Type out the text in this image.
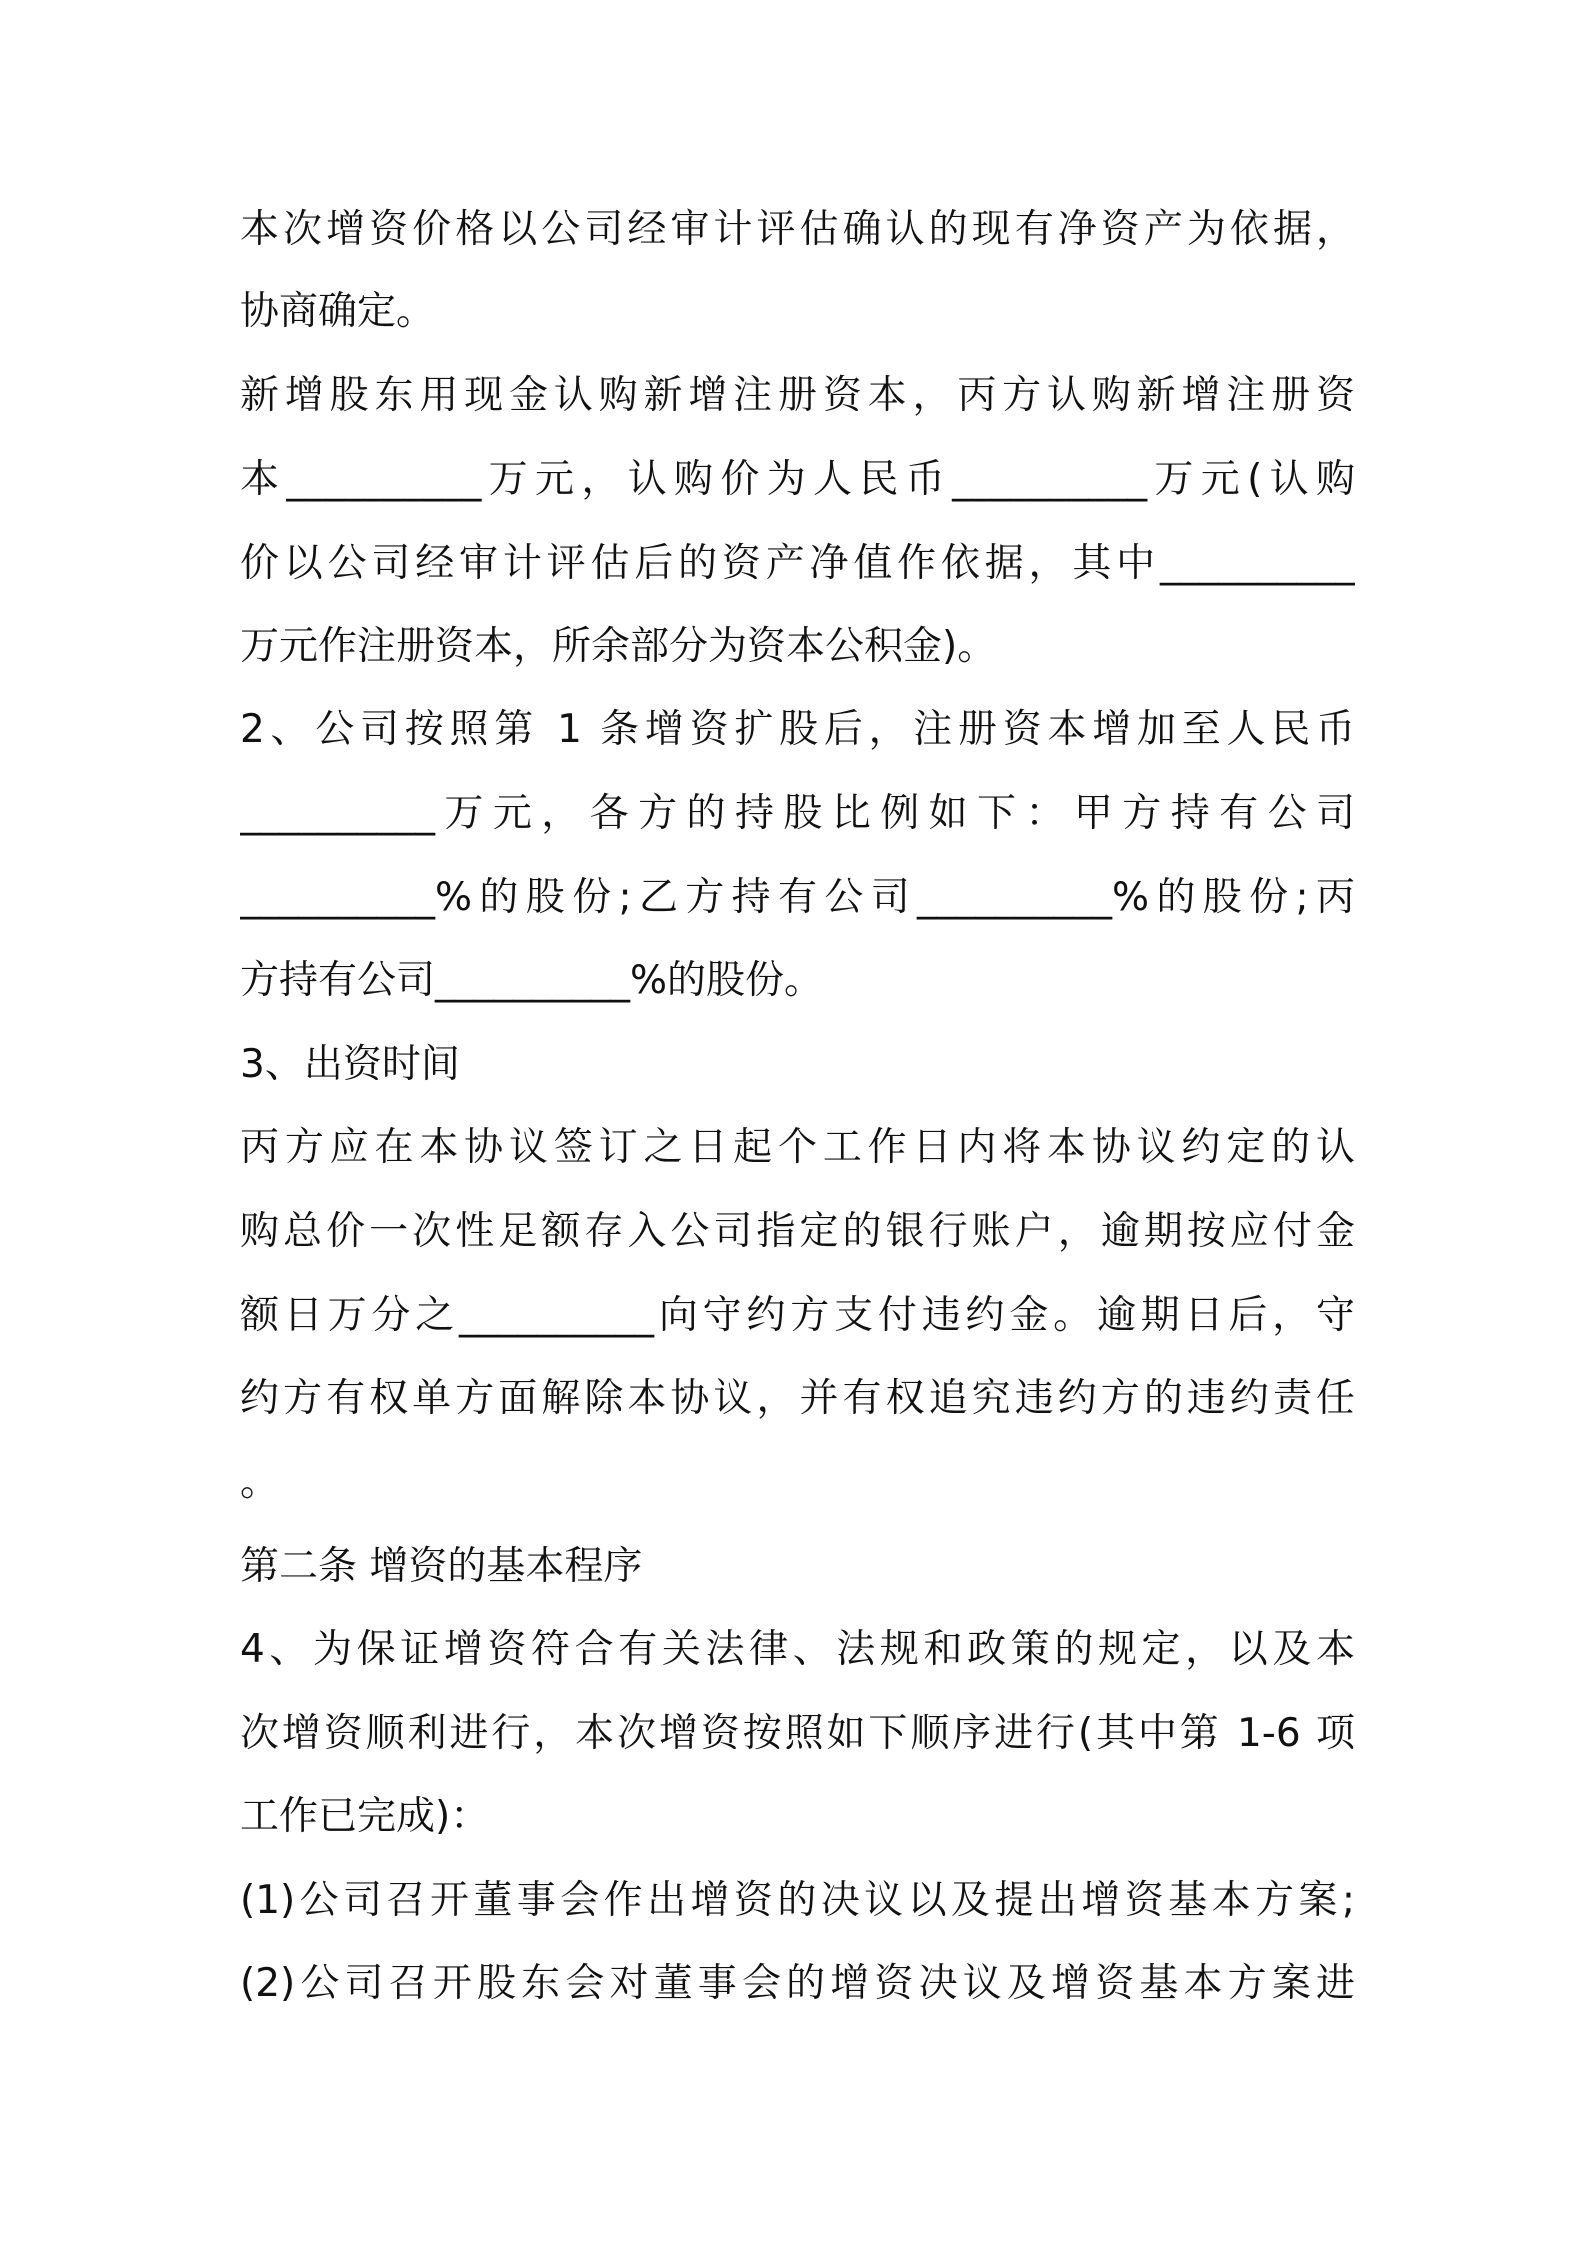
本次增资价格以公司经审计评估确认的现有净资产为依据，
协商确定。
新增股东用现金认购新增注册资本，丙方认购新增注册资
本__________万元，认购价为人民币__________万元(认购
价以公司经审计评估后的资产净值作依据，其中__________
万元作注册资本，所余部分为资本公积金)。
2、公司按照第 1 条增资扩股后，注册资本增加至人民币
__________万元，各方的持股比例如下：甲方持有公司
__________%的股份;乙方持有公司__________%的股份;丙
方持有公司__________%的股份。
3、出资时间
丙方应在本协议签订之日起个工作日内将本协议约定的认
购总价一次性足额存入公司指定的银行账户，逾期按应付金
额日万分之__________向守约方支付违约金。逾期日后，守
约方有权单方面解除本协议，并有权追究违约方的违约责任
。
第二条 增资的基本程序
4、为保证增资符合有关法律、法规和政策的规定，以及本
次增资顺利进行，本次增资按照如下顺序进行(其中第 1-6 项
工作已完成)：
(1)公司召开董事会作出增资的决议以及提出增资基本方案;
(2)公司召开股东会对董事会的增资决议及增资基本方案进
